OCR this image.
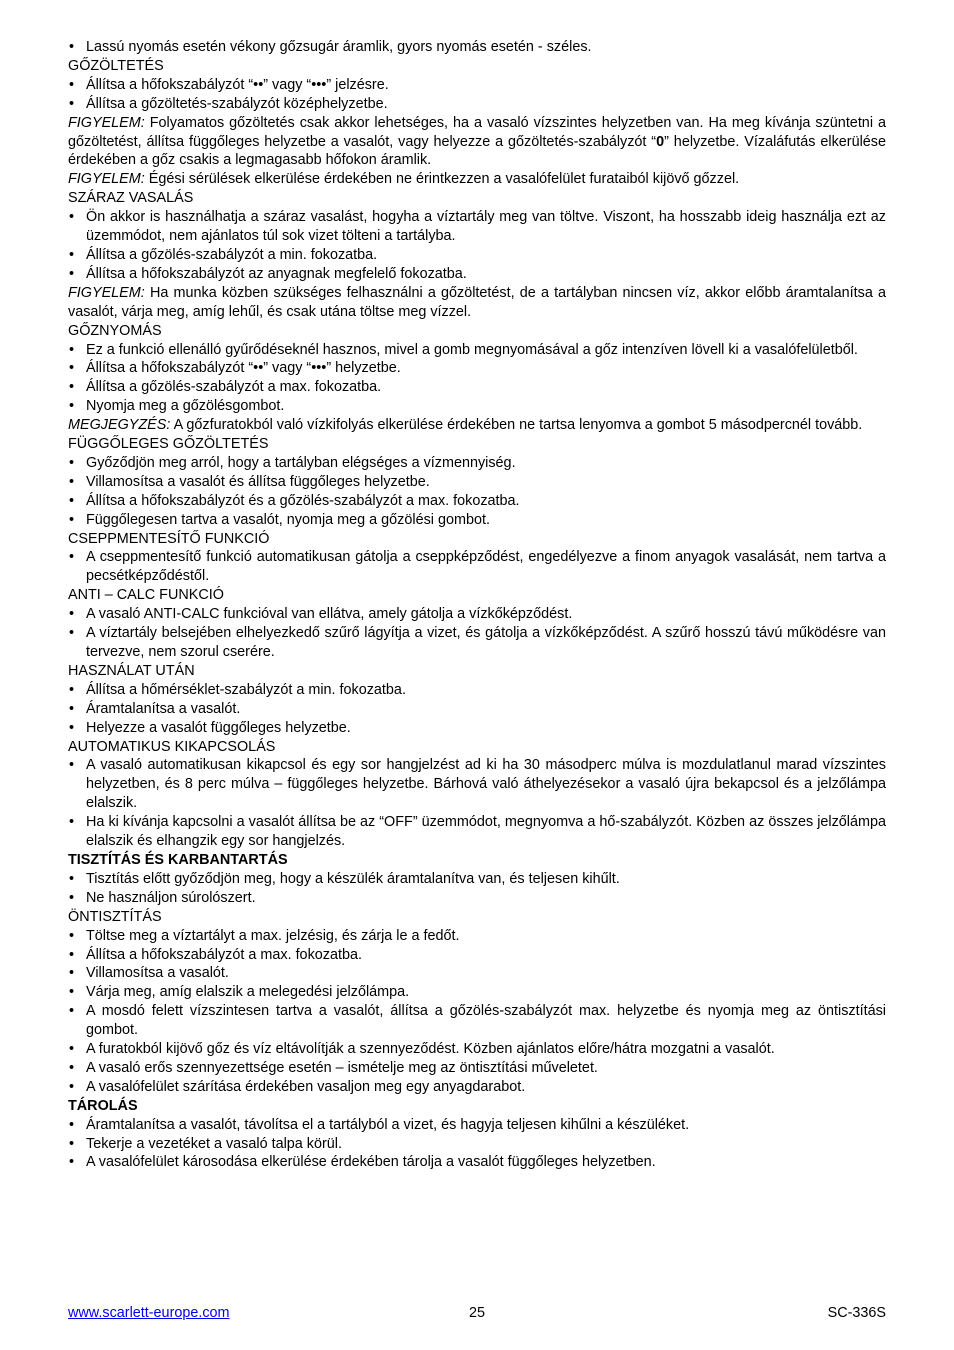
• Lassú nyomás esetén vékony gőzsugár áramlik, gyors nyomás esetén - széles.
GŐZÖLTETÉS
• Állítsa a hőfokszabályzót “••” vagy “•••” jelzésre.
• Állítsa a gőzöltetés-szabályzót középhelyzetbe.
FIGYELEM: Folyamatos gőzöltetés csak akkor lehetséges, ha a vasaló vízszintes helyzetben van. Ha meg kívánja szüntetni a gőzöltetést, állítsa függőleges helyzetbe a vasalót, vagy helyezze a gőzöltetés-szabályzót “0” helyzetbe. Vízaláfutás elkerülése érdekében a gőz csakis a legmagasabb hőfokon áramlik.
FIGYELEM: Égési sérülések elkerülése érdekében ne érintkezzen a vasalófelület furataiból kijövő gőzzel.
SZÁRAZ VASALÁS
• Ön akkor is használhatja a száraz vasalást, hogyha a víztartály meg van töltve. Viszont, ha hosszabb ideig használja ezt az üzemmódot, nem ajánlatos túl sok vizet tölteni a tartályba.
• Állítsa a gőzölés-szabályzót a min. fokozatba.
• Állítsa a hőfokszabályzót az anyagnak megfelelő fokozatba.
FIGYELEM: Ha munka közben szükséges felhasználni a gőzöltetést, de a tartályban nincsen víz, akkor előbb áramtalanítsa a vasalót, várja meg, amíg lehűl, és csak utána töltse meg vízzel.
GŐZNYOMÁS
• Ez a funkció ellenálló gyűrődéseknél hasznos, mivel a gomb megnyomásával a gőz intenzíven lövell ki a vasalófelületből.
• Állítsa a hőfokszabályzót “••” vagy “•••” helyzetbe.
• Állítsa a gőzölés-szabályzót a max. fokozatba.
• Nyomja meg a gőzölésgombot.
MEGJEGYZÉS: A gőzfuratokból való vízkifolyás elkerülése érdekében ne tartsa lenyomva a gombot 5 másodpercnél tovább.
FÜGGŐLEGES GŐZÖLTETÉS
• Győződjön meg arról, hogy a tartályban elégséges a vízmennyiség.
• Villamosítsa a vasalót és állítsa függőleges helyzetbe.
• Állítsa a hőfokszabályzót és a gőzölés-szabályzót a max. fokozatba.
• Függőlegesen tartva a vasalót, nyomja meg a gőzölési gombot.
CSEPPMENTESÍTŐ FUNKCIÓ
• A cseppmentesítő funkció automatikusan gátolja a cseppképződést, engedélyezve a finom anyagok vasalását, nem tartva a pecsétképződéstől.
ANTI – CALC FUNKCIÓ
• A vasaló ANTI-CALC funkcióval van ellátva, amely gátolja a vízkőképződést.
• A víztartály belsejében elhelyezkedő szűrő lágyítja a vizet, és gátolja a vízkőképződést. A szűrő hosszú távú működésre van tervezve, nem szorul cserére.
HASZNÁLAT UTÁN
• Állítsa a hőmérséklet-szabályzót a min. fokozatba.
• Áramtalanítsa a vasalót.
• Helyezze a vasalót függőleges helyzetbe.
AUTOMATIKUS KIKAPCSOLÁS
• A vasaló automatikusan kikapcsol és egy sor hangjelzést ad ki ha 30 másodperc múlva is mozdulatlanul marad vízszintes helyzetben, és 8 perc múlva – függőleges helyzetbe. Bárhová való áthelyezésekor a vasaló újra bekapcsol és a jelzőlámpa elalszik.
• Ha ki kívánja kapcsolni a vasalót állítsa be az “OFF” üzemmódot, megnyomva a hő-szabályzót. Közben az összes jelzőlámpa elalszik és elhangzik egy sor hangjelzés.
TISZTÍTÁS ÉS KARBANTARTÁS
• Tisztítás előtt győződjön meg, hogy a készülék áramtalanítva van, és teljesen kihűlt.
• Ne használjon súrolószert.
ÖNTISZTÍTÁS
• Töltse meg a víztartályt a max. jelzésig, és zárja le a fedőt.
• Állítsa a hőfokszabályzót a max. fokozatba.
• Villamosítsa a vasalót.
• Várja meg, amíg elalszik a melegedési jelzőlámpa.
• A mosdó felett vízszintesen tartva a vasalót, állítsa a gőzölés-szabályzót max. helyzetbe és nyomja meg az öntisztítási gombot.
• A furatokból kijövő gőz és víz eltávolítják a szennyeződést. Közben ajánlatos előre/hátra mozgatni a vasalót.
• A vasaló erős szennyezettsége esetén – ismételje meg az öntisztítási műveletet.
• A vasalófelület szárítása érdekében vasaljon meg egy anyagdarabot.
TÁROLÁS
• Áramtalanítsa a vasalót, távolítsa el a tartályból a vizet, és hagyja teljesen kihűlni a készüléket.
• Tekerje a vezetéket a vasaló talpa körül.
• A vasalófelület károsodása elkerülése érdekében tárolja a vasalót függőleges helyzetben.
www.scarlett-europe.com	25	SC-336S
